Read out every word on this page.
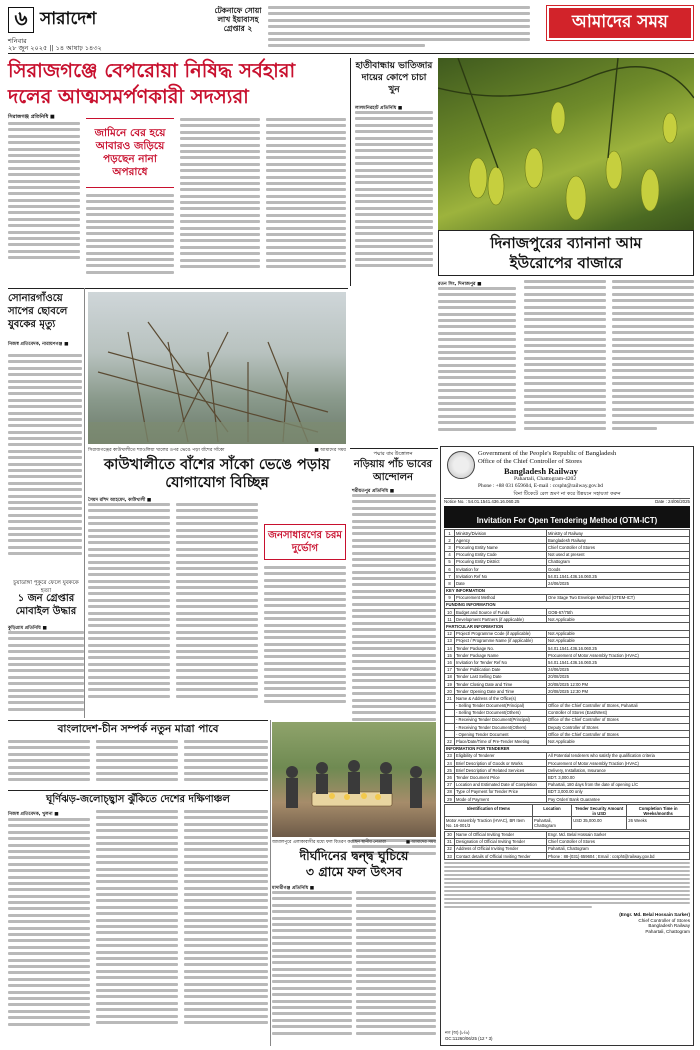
৬ সারাদেশ
শনিবার
২৮ জুন ২০২৫ || ১৪ আষাঢ় ১৪৩২
টেকনাফে সোয়া
লাখ ইয়াবাসহ
গ্রেপ্তার ২	আমাদের সময়
সিরাজগঞ্জে বেপরোয়া নিষিদ্ধ সর্বহারা
দলের আত্মসমর্পণকারী সদস্যরা
সিরাজগঞ্জ প্রতিনিধি ■
জামিনে বের হয়ে আবারও জড়িয়ে পড়ছেন নানা অপরাধে
হাতীবান্ধায় ভাতিজার দায়ের কোপে চাচা খুন
লালমনিরহাট প্রতিনিধি ■
দিনাজপুরের ব্যানানা আম
ইউরোপের বাজারে
রতন সিং, দিনাজপুর ■
সোনারগাঁওয়ে সাপের ছোবলে যুবকের মৃত্যু
নিজস্ব প্রতিবেদক, নারায়ণগঞ্জ ■
সিরাজগঞ্জের কাউখালীতে শ্যাওলিয়া খালের ওপর ভেঙে পড়া বাঁশের সাঁকো	■ আমাদের সময়
পদ্মার বাম উত্তোলন
নড়িয়ায় পাঁচ ভাবের আন্দোলন
শরীয়তপুর প্রতিনিধি ■
কাউখালীতে বাঁশের সাঁকো ভেঙে পড়ায় যোগাযোগ বিচ্ছিন্ন
সৈয়দ রশিদ আহমেদ, কাউখালী ■
জনসাধারণের চরম দুর্ভোগ
চুয়াডাঙ্গা পুকুরে ফেলে যুবককে হত্যা
১ জন গ্রেপ্তার মোবাইল উদ্ধার
কুড়িগ্রাম প্রতিনিধি ■
বাংলাদেশ-চীন সম্পর্ক নতুন মাত্রা পাবে
ঘূর্ণিঝড়-জলোচ্ছ্বাস ঝুঁকিতে দেশের দক্ষিণাঞ্চল
নিজস্ব প্রতিবেদক, খুলনা ■
জামালপুরে এলাকাবাসীর মধ্যে ফল বিতরণ করছেন স্থানীয় নেতারা	■ আমাদের সময়
দীর্ঘদিনের দ্বন্দ্ব ঘুচিয়ে
৩ গ্রামে ফল উৎসব
মাদারীগঞ্জ প্রতিনিধি ■
Government of the People's Republic of Bangladesh
Office of the Chief Controller of Stores
Bangladesh Railway
Pahartali, Chattogram-4202
Phone : +88 031 659604, E-mail : ccspht@railway.gov.bd
বিনা টিকেটে রেল ভ্রমণ না করে উন্নয়নে সহায়তা করুন
Notice No. : 54.01.1541.436.16.060.25	Date : 24/06/2025
Invitation For Open Tendering Method (OTM-ICT)
1	Ministry/Division	Ministry of Railway
2	Agency	Bangladesh Railway
3	Procuring Entity Name	Chief Controller of Stores
4	Procuring Entity Code	Not used at present
5	Procuring Entity District	Chattogram
6	Invitation for	Goods
7	Invitation Ref No	54.01.1541.436.16.060.25
8	Date	24/06/2025
KEY INFORMATION		
9	Procurement Method	One Stage Two Envelope Method (OTEM-ICT)
FUNDING INFORMATION		
10	Budget and Source of Funds	GOB-67/75th
11	Development Partners (if applicable)	Not Applicable
PARTICULAR INFORMATION		
12	Project/ Programme Code (if applicable)	Not Applicable
13	Project / Programme Name (if applicable)	Not Applicable
14	Tender Package No.	54.01.1541.436.16.060.25
15	Tender Package Name	Procurement of Motor Assembly Traction (HVAC)
16	Invitation for Tender Ref No	54.01.1541.436.16.060.25
17	Tender Publication Date	24/06/2025
18	Tender Last Selling Date	20/08/2025
19	Tender Closing Date and Time	20/08/2025 12:00 PM
20	Tender Opening Date and Time	20/08/2025 12:30 PM
21	Name & Address of the Office(s)	
	- Selling Tender Document(Principal)	Office of the Chief Controller of Stores, Pahartali
	- Selling Tender Document(Others)	Controller of Stores (East/West)
	- Receiving Tender Document(Principal)	Office of the Chief Controller of Stores
	- Receiving Tender Document(Others)	Deputy Controller of Stores
	- Opening Tender Document	Office of the Chief Controller of Stores
22	Place/Date/Time of Pre-Tender Meeting	Not Applicable
INFORMATION FOR TENDERER		
23	Eligibility of Tenderer	All Potential tenderers who satisfy the qualification criteria
24	Brief Description of Goods or Works	Procurement of Motor Assembly Traction (HVAC)
25	Brief Description of Related Services	Delivery, Installation, Insurance
26	Tender Document Price	BDT. 3,000.00
27	Location and Estimated Date of Completion	Pahartali, 180 days from the date of opening L/C
28	Type of Payment for Tender Price	BDT 3,000.00 only
29	Mode of Payment	Pay Order/ Bank Guarantee
Identification of Items	Location	Tender Security Amount in USD	Completion Time in Weeks/months
Motor Assembly Traction (HVAC), BR Item No. 16-001/3	Pahartali, Chattogram	USD 35,000.00	26 Weeks
30	Name of Official Inviting Tender	Engr. Md. Belal Hossain Sarker
31	Designation of Official Inviting Tender	Chief Controller of Stores
32	Address of Official Inviting Tender	Pahartali, Chattogram
33	Contact details of Official Inviting Tender	Phone : 88-(031) 659604 ; Email : ccspht@railway.gov.bd
(Engr. Md. Belal Hossain Sarker)
Chief Controller of Stores
Bangladesh Railway
Pahartali, Chattogram
নগ (অ) (৮/৬)
GC:11260/06/25 (12 * 3)
